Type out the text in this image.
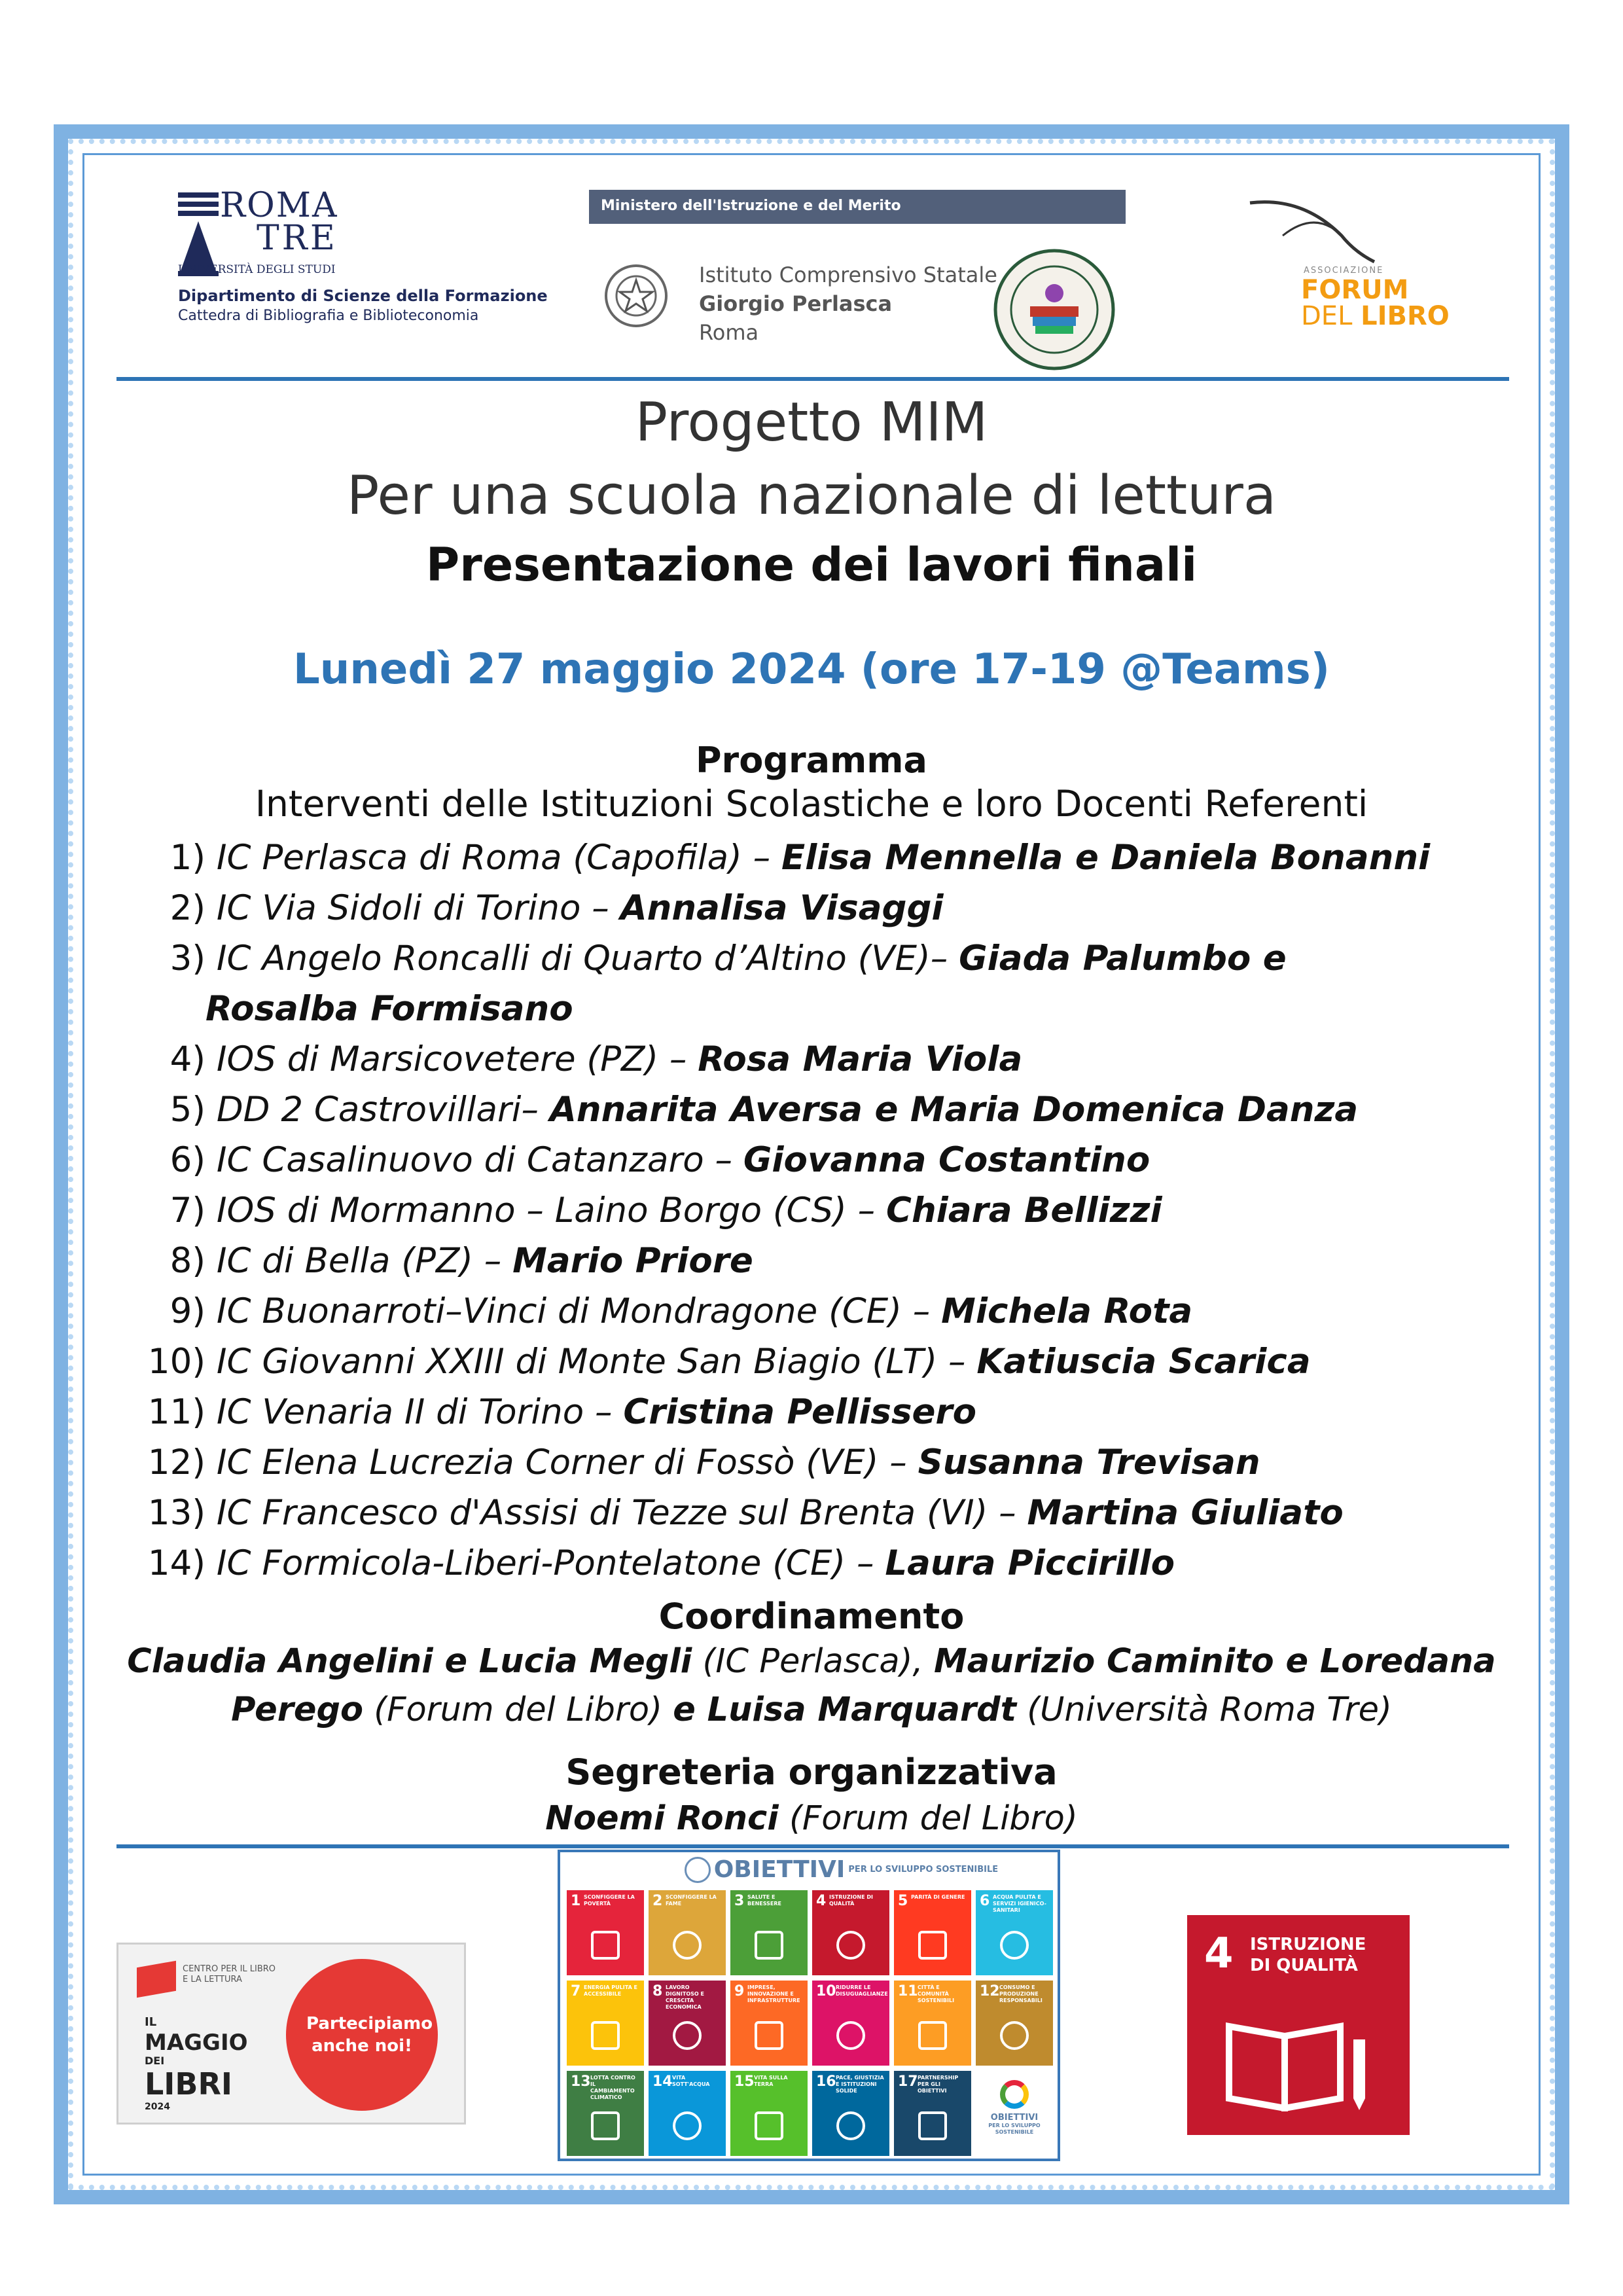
ROMA
TRE
UNIVERSITÀ DEGLI STUDI
Dipartimento di Scienze della Formazione
Cattedra di Bibliografia e Biblioteconomia
Ministero dell'Istruzione e del Merito
Istituto Comprensivo Statale
Giorgio Perlasca
Roma
ASSOCIAZIONE
FORUM
DEL LIBRO
Progetto MIM
Per una scuola nazionale di lettura
Presentazione dei lavori finali
Lunedì 27 maggio 2024 (ore 17-19 @Teams)
Programma
Interventi delle Istituzioni Scolastiche e loro Docenti Referenti
1) IC Perlasca di Roma (Capofila) – Elisa Mennella e Daniela Bonanni
2) IC Via Sidoli di Torino – Annalisa Visaggi
3) IC Angelo Roncalli di Quarto d’Altino (VE)– Giada Palumbo e
Rosalba Formisano
4) IOS di Marsicovetere (PZ) – Rosa Maria Viola
5) DD 2 Castrovillari– Annarita Aversa e Maria Domenica Danza
6) IC Casalinuovo di Catanzaro – Giovanna Costantino
7) IOS di Mormanno – Laino Borgo (CS) – Chiara Bellizzi
8) IC di Bella (PZ) – Mario Priore
9) IC Buonarroti–Vinci di Mondragone (CE) – Michela Rota
10) IC Giovanni XXIII di Monte San Biagio (LT) – Katiuscia Scarica
11) IC Venaria II di Torino – Cristina Pellissero
12) IC Elena Lucrezia Corner di Fossò (VE) – Susanna Trevisan
13) IC Francesco d'Assisi di Tezze sul Brenta (VI) – Martina Giuliato
14) IC Formicola-Liberi-Pontelatone (CE) – Laura Piccirillo
Coordinamento
Claudia Angelini e Lucia Megli (IC Perlasca), Maurizio Caminito e Loredana
Perego (Forum del Libro) e Luisa Marquardt (Università Roma Tre)
Segreteria organizzativa
Noemi Ronci (Forum del Libro)
CENTRO PER IL LIBRO E LA LETTURA
IL
MAGGIO
DEI
LIBRI
2024
Partecipiamo anche noi!
OBIETTIVI PER LO SVILUPPO SOSTENIBILE
1 SCONFIGGERE LA POVERTÀ	2 SCONFIGGERE LA FAME	3 SALUTE E BENESSERE	4 ISTRUZIONE DI QUALITÀ	5 PARITÀ DI GENERE 6 ACQUA PULITA E SERVIZI IGIENICO-SANITARI
7 ENERGIA PULITA E ACCESSIBILE	8 LAVORO DIGNITOSO E CRESCITA ECONOMICA
9 IMPRESE, INNOVAZIONE E INFRASTRUTTURE
10 RIDURRE LE DISUGUAGLIANZE 11 CITTÀ E COMUNITÀ SOSTENIBILI
12 CONSUMO E PRODUZIONE RESPONSABILI
13 LOTTA CONTRO IL CAMBIAMENTO CLIMATICO
14 VITA SOTT'ACQUA	15 VITA SULLA TERRA	16 PACE, GIUSTIZIA E ISTITUZIONI SOLIDE
17 PARTNERSHIP PER GLI OBIETTIVI
OBIETTIVI
PER LO SVILUPPO SOSTENIBILE
4 ISTRUZIONE
DI QUALITÀ
